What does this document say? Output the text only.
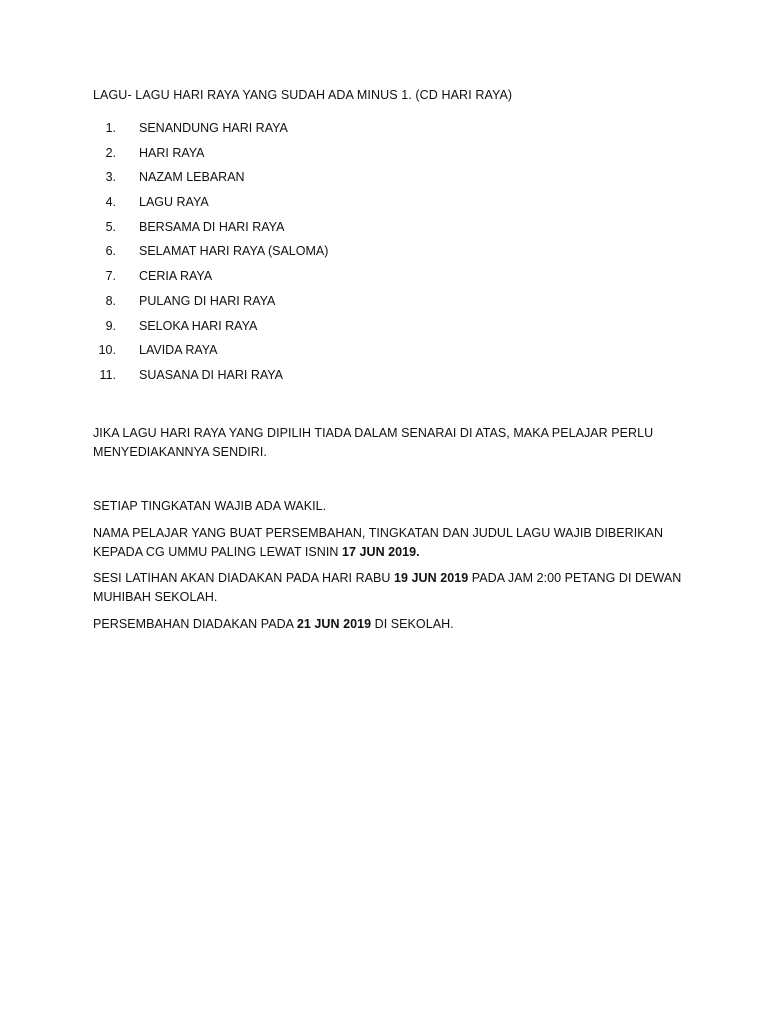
LAGU- LAGU HARI RAYA YANG SUDAH ADA MINUS 1. (CD HARI RAYA)
1. SENANDUNG HARI RAYA
2. HARI RAYA
3. NAZAM LEBARAN
4. LAGU RAYA
5. BERSAMA DI HARI RAYA
6. SELAMAT HARI RAYA (SALOMA)
7. CERIA RAYA
8. PULANG DI HARI RAYA
9. SELOKA HARI RAYA
10. LAVIDA RAYA
11. SUASANA DI HARI RAYA
JIKA LAGU HARI RAYA YANG DIPILIH TIADA DALAM SENARAI DI ATAS, MAKA PELAJAR PERLU
MENYEDIAKANNYA SENDIRI.
SETIAP TINGKATAN WAJIB ADA WAKIL.
NAMA PELAJAR YANG BUAT PERSEMBAHAN, TINGKATAN DAN JUDUL LAGU WAJIB DIBERIKAN
KEPADA CG UMMU PALING LEWAT ISNIN 17 JUN 2019.
SESI LATIHAN AKAN DIADAKAN PADA HARI RABU 19 JUN 2019 PADA JAM 2:00 PETANG DI DEWAN
MUHIBAH SEKOLAH.
PERSEMBAHAN DIADAKAN PADA 21 JUN 2019 DI SEKOLAH.
